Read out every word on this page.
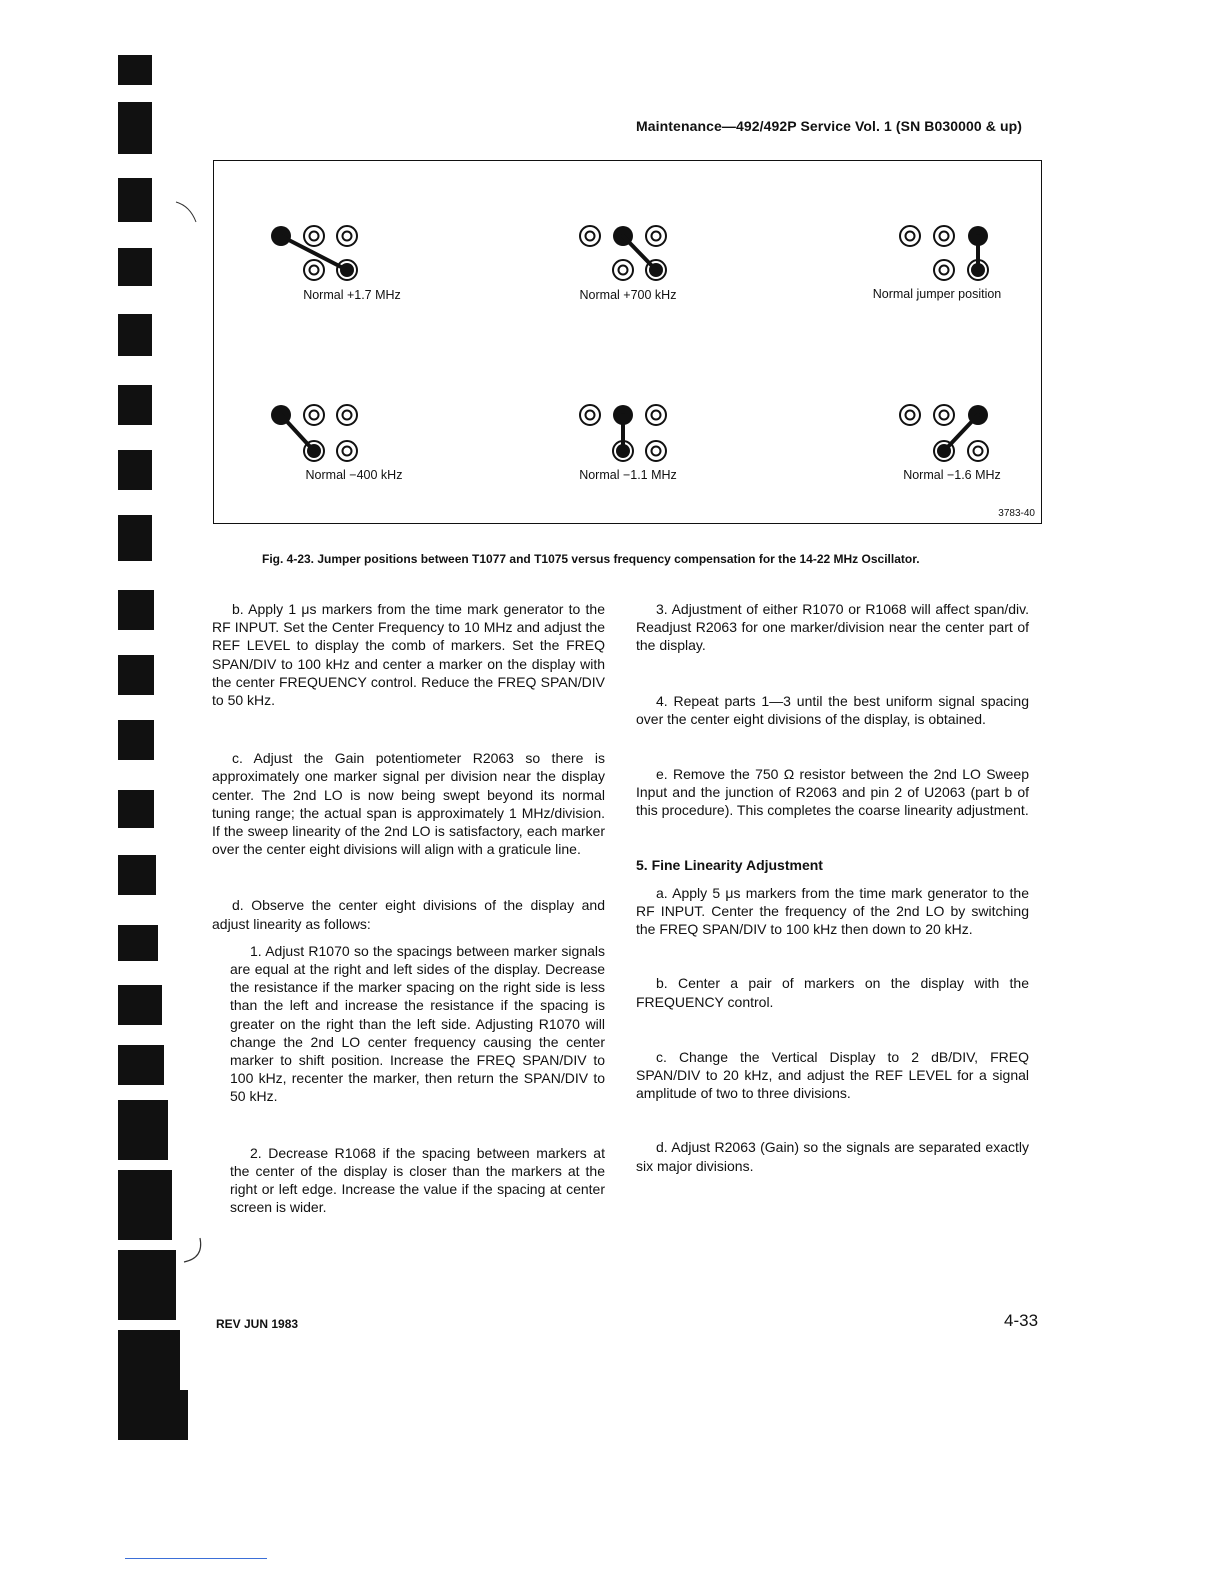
Maintenance—492/492P Service Vol. 1 (SN B030000 & up)
Normal +1.7 MHz	Normal +700 kHz	Normal jumper position
Normal −400 kHz	Normal −1.1 MHz	Normal −1.6 MHz
3783-40
Fig. 4-23. Jumper positions between T1077 and T1075 versus frequency compensation for the 14-22 MHz Oscillator.

b. Apply 1 μs markers from the time mark generator to the RF INPUT. Set the Center Frequency to 10 MHz and adjust the REF LEVEL to display the comb of markers. Set the FREQ SPAN/DIV to 100 kHz and center a marker on the display with the center FREQUENCY control. Reduce the FREQ SPAN/DIV to 50 kHz.

c. Adjust the Gain potentiometer R2063 so there is approximately one marker signal per division near the display center. The 2nd LO is now being swept beyond its normal tuning range; the actual span is approximately 1 MHz/division. If the sweep linearity of the 2nd LO is satisfactory, each marker over the center eight divisions will align with a graticule line.

d. Observe the center eight divisions of the display and adjust linearity as follows:

1. Adjust R1070 so the spacings between marker signals are equal at the right and left sides of the display. Decrease the resistance if the marker spacing on the right side is less than the left and increase the resistance if the spacing is greater on the right than the left side. Adjusting R1070 will change the 2nd LO center frequency causing the center marker to shift position. Increase the FREQ SPAN/DIV to 100 kHz, recenter the marker, then return the SPAN/DIV to 50 kHz.

2. Decrease R1068 if the spacing between markers at the center of the display is closer than the markers at the right or left edge. Increase the value if the spacing at center screen is wider.

3. Adjustment of either R1070 or R1068 will affect span/div. Readjust R2063 for one marker/division near the center part of the display.

4. Repeat parts 1—3 until the best uniform signal spacing over the center eight divisions of the display, is obtained.

e. Remove the 750 Ω resistor between the 2nd LO Sweep Input and the junction of R2063 and pin 2 of U2063 (part b of this procedure). This completes the coarse linearity adjustment.

5. Fine Linearity Adjustment

a. Apply 5 μs markers from the time mark generator to the RF INPUT. Center the frequency of the 2nd LO by switching the FREQ SPAN/DIV to 100 kHz then down to 20 kHz.

b. Center a pair of markers on the display with the FREQUENCY control.

c. Change the Vertical Display to 2 dB/DIV, FREQ SPAN/DIV to 20 kHz, and adjust the REF LEVEL for a signal amplitude of two to three divisions.

d. Adjust R2063 (Gain) so the signals are separated exactly six major divisions.

REV JUN 1983	4-33
